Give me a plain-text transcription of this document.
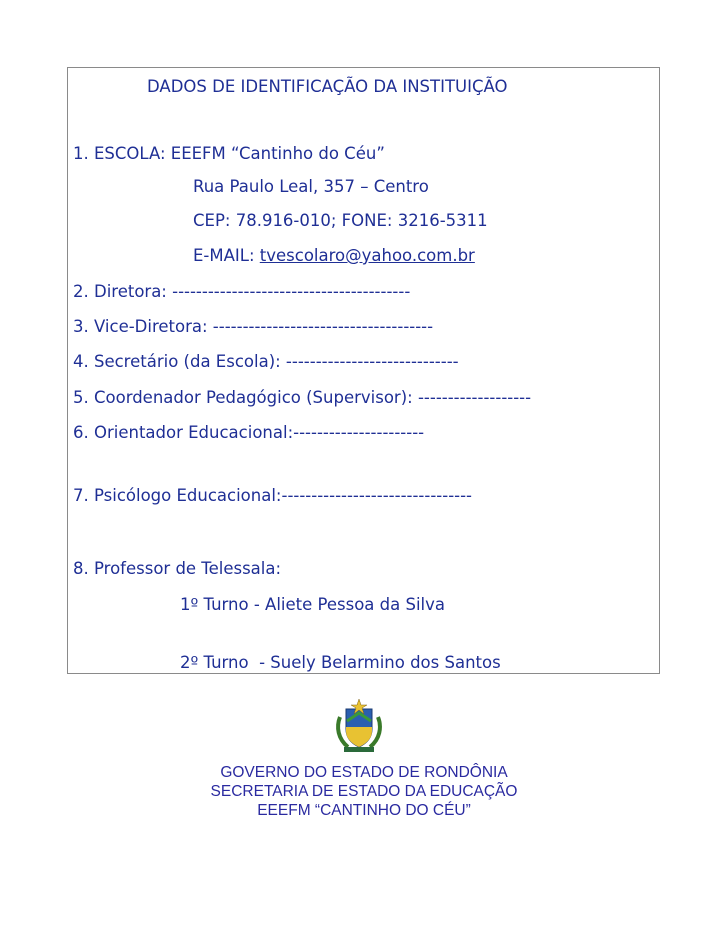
DADOS DE IDENTIFICAÇÃO DA INSTITUIÇÃO
1. ESCOLA: EEEFM “Cantinho do Céu”
Rua Paulo Leal, 357 – Centro
CEP: 78.916-010; FONE: 3216-5311
E-MAIL: tvescolaro@yahoo.com.br
2. Diretora: ----------------------------------------
3. Vice-Diretora: -------------------------------------
4. Secretário (da Escola): -----------------------------
5. Coordenador Pedagógico (Supervisor): -------------------
6. Orientador Educacional:----------------------
7. Psicólogo Educacional:--------------------------------
8. Professor de Telessala:
1º Turno - Aliete Pessoa da Silva
2º Turno  - Suely Belarmino dos Santos
GOVERNO DO ESTADO DE RONDÔNIA
SECRETARIA DE ESTADO DA EDUCAÇÃO
EEEFM “CANTINHO DO CÉU”
